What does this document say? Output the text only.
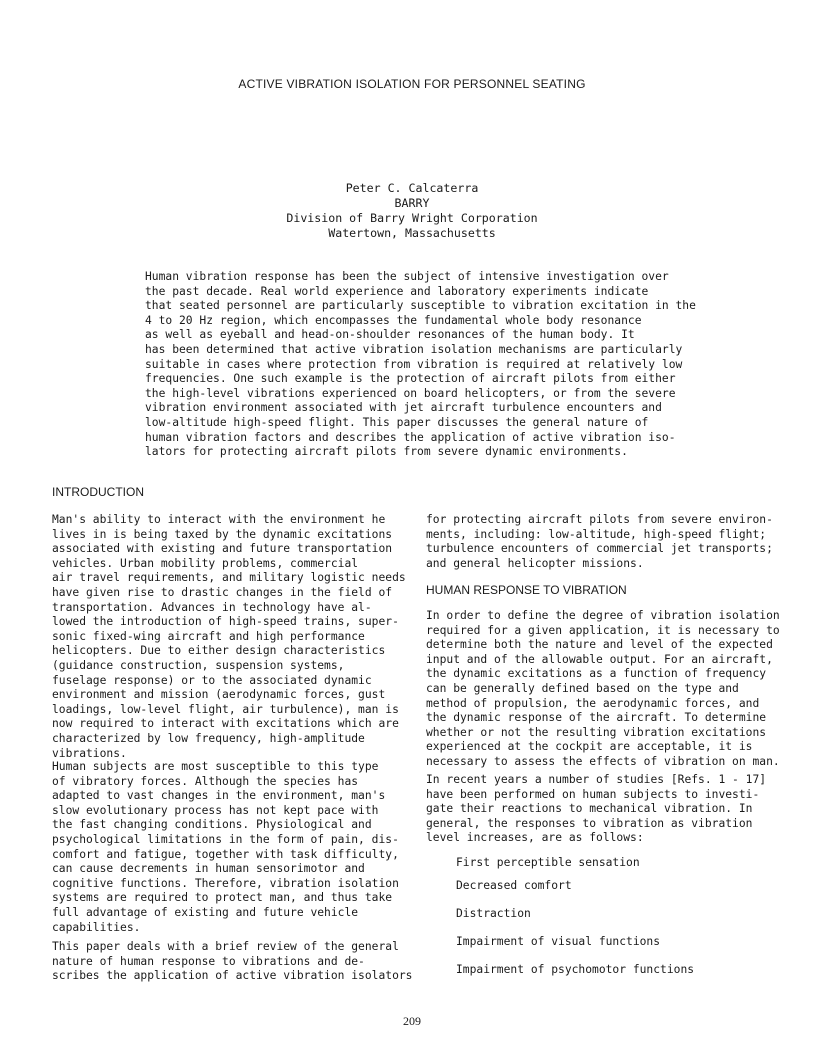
ACTIVE VIBRATION ISOLATION FOR PERSONNEL SEATING
Peter C. Calcaterra
BARRY
Division of Barry Wright Corporation
Watertown, Massachusetts
Human vibration response has been the subject of intensive investigation over
the past decade. Real world experience and laboratory experiments indicate
that seated personnel are particularly susceptible to vibration excitation in the
4 to 20 Hz region, which encompasses the fundamental whole body resonance
as well as eyeball and head-on-shoulder resonances of the human body. It
has been determined that active vibration isolation mechanisms are particularly
suitable in cases where protection from vibration is required at relatively low
frequencies. One such example is the protection of aircraft pilots from either
the high-level vibrations experienced on board helicopters, or from the severe
vibration environment associated with jet aircraft turbulence encounters and
low-altitude high-speed flight. This paper discusses the general nature of
human vibration factors and describes the application of active vibration iso-
lators for protecting aircraft pilots from severe dynamic environments.
INTRODUCTION
Man's ability to interact with the environment he
lives in is being taxed by the dynamic excitations
associated with existing and future transportation
vehicles. Urban mobility problems, commercial
air travel requirements, and military logistic needs
have given rise to drastic changes in the field of
transportation. Advances in technology have al-
lowed the introduction of high-speed trains, super-
sonic fixed-wing aircraft and high performance
helicopters. Due to either design characteristics
(guidance construction, suspension systems,
fuselage response) or to the associated dynamic
environment and mission (aerodynamic forces, gust
loadings, low-level flight, air turbulence), man is
now required to interact with excitations which are
characterized by low frequency, high-amplitude
vibrations.
Human subjects are most susceptible to this type
of vibratory forces. Although the species has
adapted to vast changes in the environment, man's
slow evolutionary process has not kept pace with
the fast changing conditions. Physiological and
psychological limitations in the form of pain, dis-
comfort and fatigue, together with task difficulty,
can cause decrements in human sensorimotor and
cognitive functions. Therefore, vibration isolation
systems are required to protect man, and thus take
full advantage of existing and future vehicle
capabilities.
This paper deals with a brief review of the general
nature of human response to vibrations and de-
scribes the application of active vibration isolators
for protecting aircraft pilots from severe environ-
ments, including: low-altitude, high-speed flight;
turbulence encounters of commercial jet transports;
and general helicopter missions.
HUMAN RESPONSE TO VIBRATION
In order to define the degree of vibration isolation
required for a given application, it is necessary to
determine both the nature and level of the expected
input and of the allowable output. For an aircraft,
the dynamic excitations as a function of frequency
can be generally defined based on the type and
method of propulsion, the aerodynamic forces, and
the dynamic response of the aircraft. To determine
whether or not the resulting vibration excitations
experienced at the cockpit are acceptable, it is
necessary to assess the effects of vibration on man.
In recent years a number of studies [Refs. 1 - 17]
have been performed on human subjects to investi-
gate their reactions to mechanical vibration. In
general, the responses to vibration as vibration
level increases, are as follows:
First perceptible sensation
Decreased comfort
Distraction
Impairment of visual functions
Impairment of psychomotor functions
209
